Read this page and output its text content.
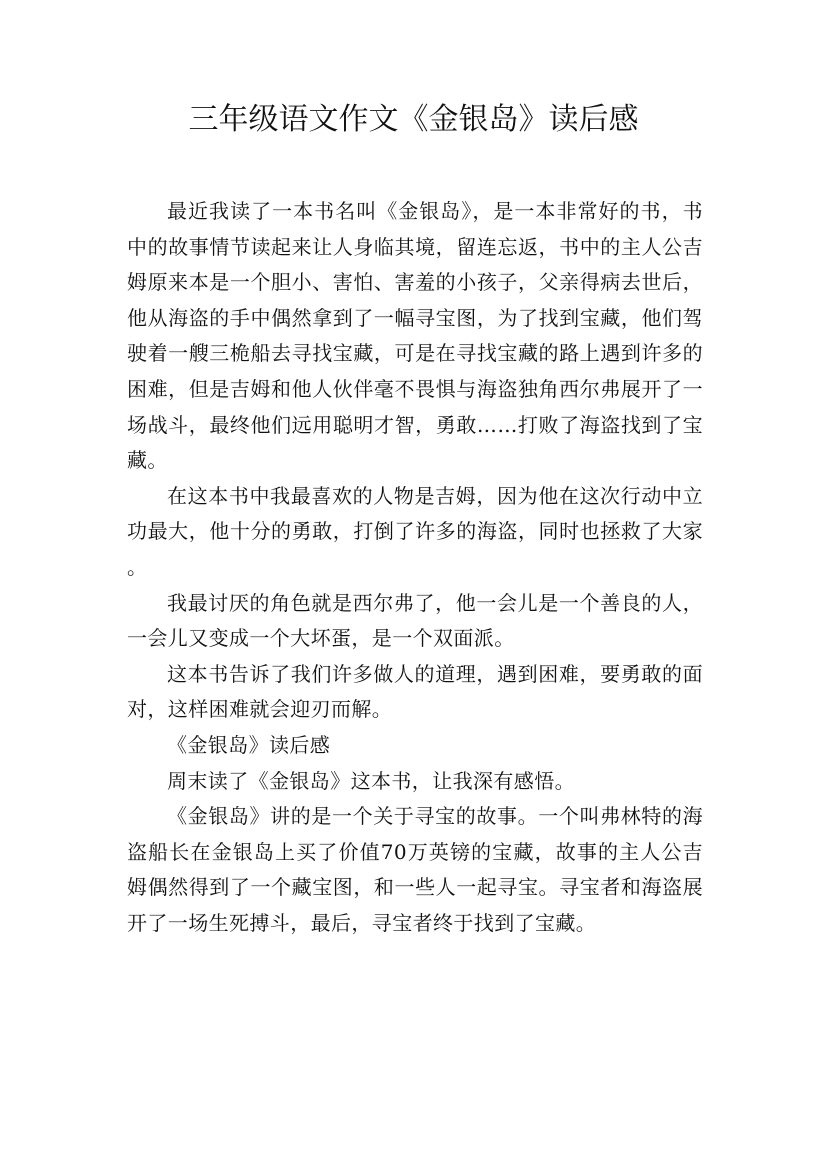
三年级语文作文《金银岛》读后感

最近我读了一本书名叫《金银岛》，是一本非常好的书，书中的故事情节读起来让人身临其境，留连忘返，书中的主人公吉姆原来本是一个胆小、害怕、害羞的小孩子，父亲得病去世后，他从海盗的手中偶然拿到了一幅寻宝图，为了找到宝藏，他们驾驶着一艘三桅船去寻找宝藏，可是在寻找宝藏的路上遇到许多的困难，但是吉姆和他人伙伴毫不畏惧与海盗独角西尔弗展开了一场战斗，最终他们远用聪明才智，勇敢……打败了海盗找到了宝藏。

在这本书中我最喜欢的人物是吉姆，因为他在这次行动中立功最大，他十分的勇敢，打倒了许多的海盗，同时也拯救了大家。

我最讨厌的角色就是西尔弗了，他一会儿是一个善良的人，一会儿又变成一个大坏蛋，是一个双面派。

这本书告诉了我们许多做人的道理，遇到困难，要勇敢的面对，这样困难就会迎刃而解。

《金银岛》读后感

周末读了《金银岛》这本书，让我深有感悟。

《金银岛》讲的是一个关于寻宝的故事。一个叫弗林特的海盗船长在金银岛上买了价值70万英镑的宝藏，故事的主人公吉姆偶然得到了一个藏宝图，和一些人一起寻宝。寻宝者和海盗展开了一场生死搏斗，最后，寻宝者终于找到了宝藏。
